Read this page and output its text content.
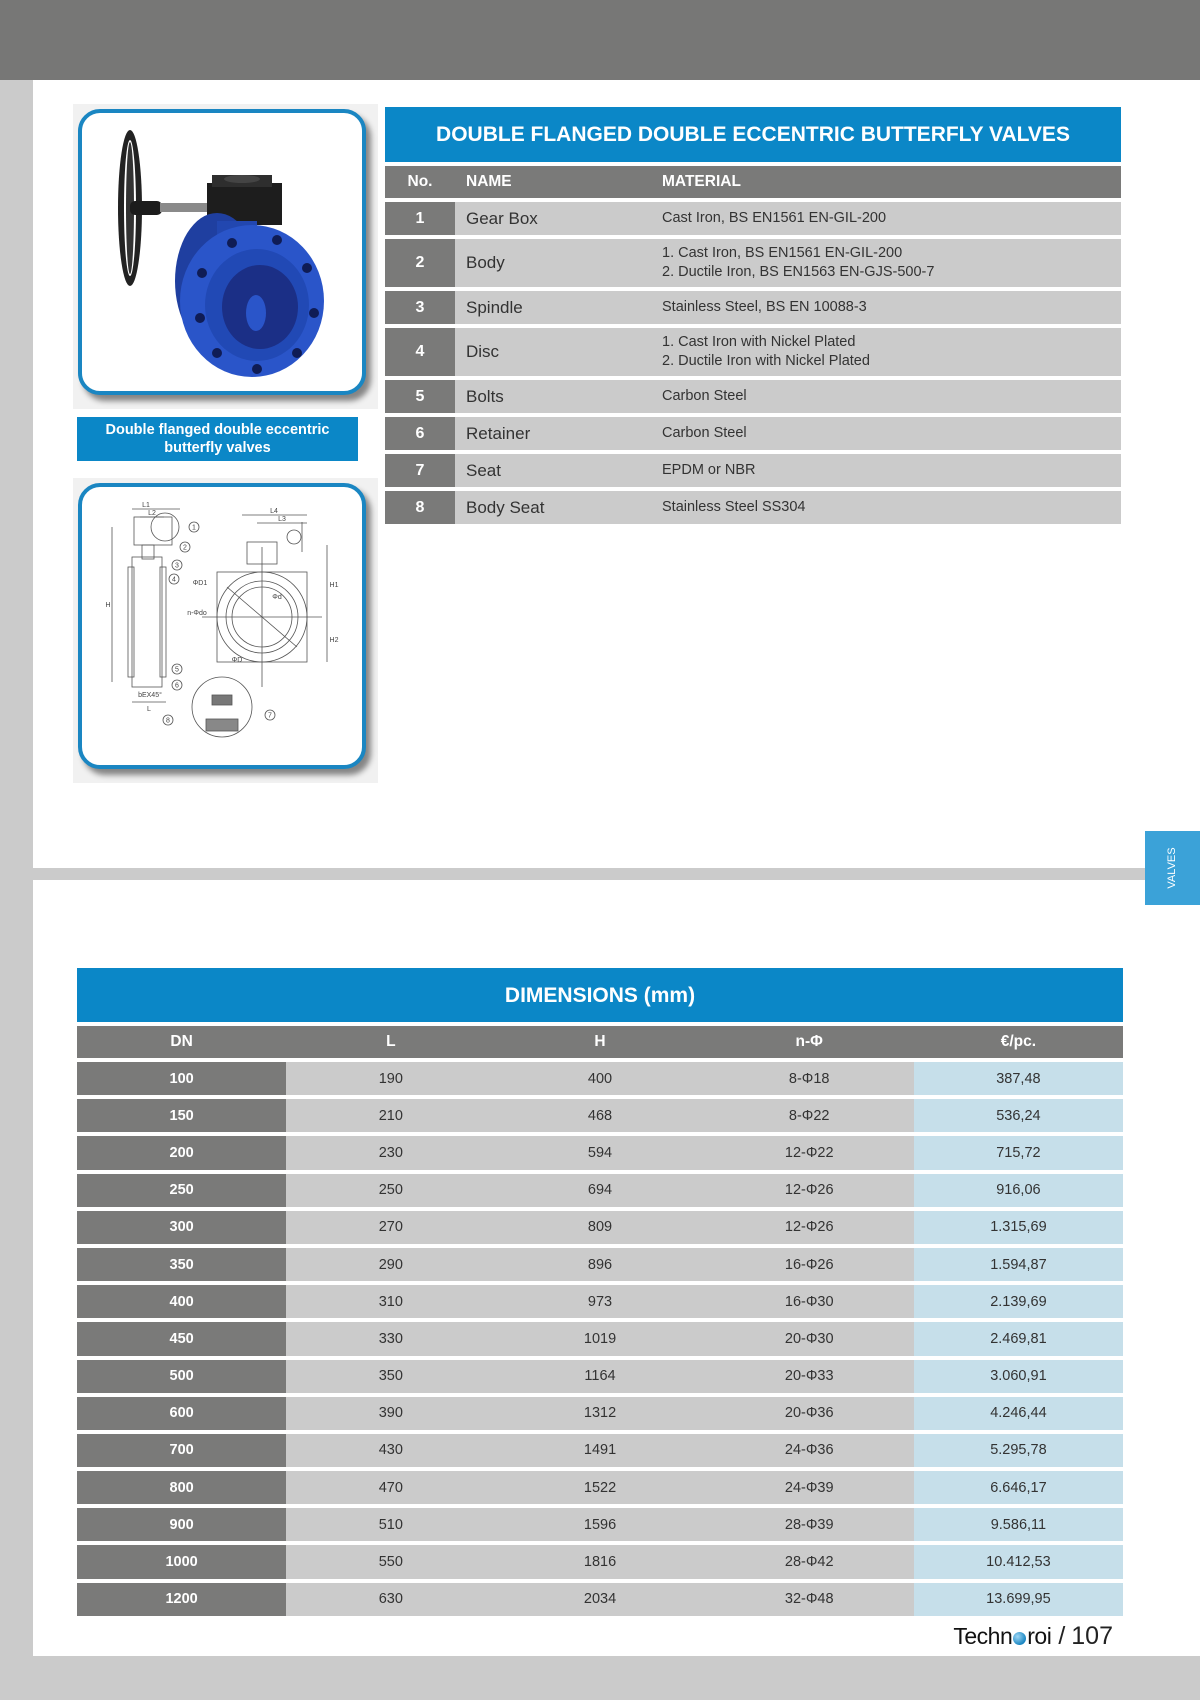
Double flanged double eccentric butterfly valves
1
2
3
4
5
6
7
8
L1
L2	L4
L3
H
H1
H2
L
bEX45°
n-Φdo
ΦD1
ΦD
Φd
DOUBLE FLANGED DOUBLE ECCENTRIC BUTTERFLY VALVES
No.	NAME	MATERIAL
1	Gear Box	Cast Iron, BS EN1561 EN-GIL-200
2	Body	1. Cast Iron, BS EN1561 EN-GIL-200
2. Ductile Iron, BS EN1563 EN-GJS-500-7
3	Spindle	Stainless Steel, BS EN 10088-3
4	Disc	1. Cast Iron with Nickel Plated
2. Ductile Iron with Nickel Plated
5	Bolts	Carbon Steel
6	Retainer	Carbon Steel
7	Seat	EPDM or NBR
8	Body Seat	Stainless Steel SS304
VALVES
DIMENSIONS (mm)
DN	L	H	n-Φ	€/pc.
100	190	400	8-Φ18	387,48
150	210	468	8-Φ22	536,24
200	230	594	12-Φ22	715,72
250	250	694	12-Φ26	916,06
300	270	809	12-Φ26	1.315,69
350	290	896	16-Φ26	1.594,87
400	310	973	16-Φ30	2.139,69
450	330	1019	20-Φ30	2.469,81
500	350	1164	20-Φ33	3.060,91
600	390	1312	20-Φ36	4.246,44
700	430	1491	24-Φ36	5.295,78
800	470	1522	24-Φ39	6.646,17
900	510	1596	28-Φ39	9.586,11
1000	550	1816	28-Φ42	10.412,53
1200	630	2034	32-Φ48	13.699,95
Techn roi / 107
